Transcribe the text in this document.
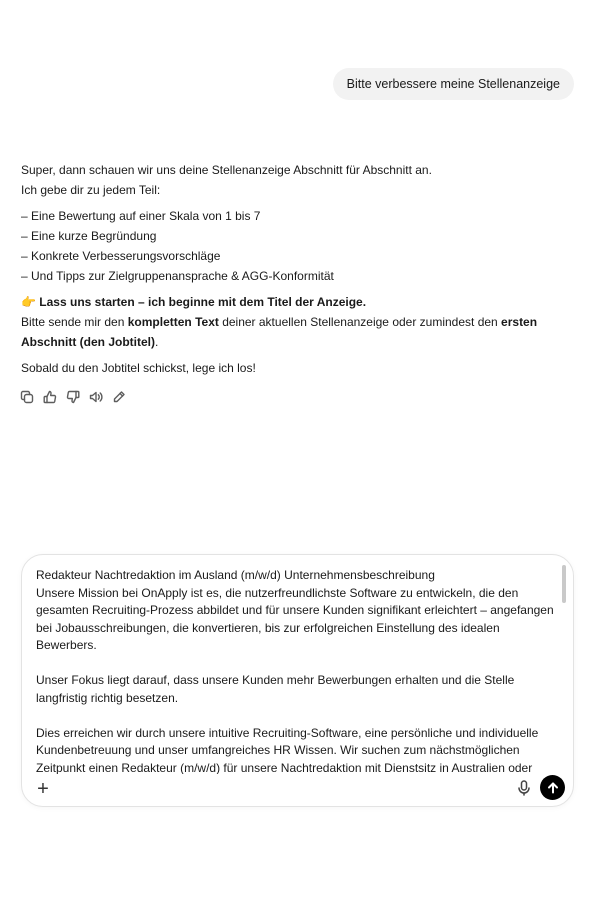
Bitte verbessere meine Stellenanzeige

Super, dann schauen wir uns deine Stellenanzeige Abschnitt für Abschnitt an.

Ich gebe dir zu jedem Teil:

– Eine Bewertung auf einer Skala von 1 bis 7
– Eine kurze Begründung
– Konkrete Verbesserungsvorschläge
– Und Tipps zur Zielgruppenansprache & AGG-Konformität

👉 Lass uns starten – ich beginne mit dem Titel der Anzeige.

Bitte sende mir den kompletten Text deiner aktuellen Stellenanzeige oder zumindest den ersten Abschnitt (den Jobtitel).

Sobald du den Jobtitel schickst, lege ich los!

Redakteur Nachtredaktion im Ausland (m/w/d) Unternehmensbeschreibung
Unsere Mission bei OnApply ist es, die nutzerfreundlichste Software zu entwickeln, die den gesamten Recruiting-Prozess abbildet und für unsere Kunden signifikant erleichtert – angefangen bei Jobausschreibungen, die konvertieren, bis zur erfolgreichen Einstellung des idealen Bewerbers.

Unser Fokus liegt darauf, dass unsere Kunden mehr Bewerbungen erhalten und die Stelle langfristig richtig besetzen.

Dies erreichen wir durch unsere intuitive Recruiting-Software, eine persönliche und individuelle Kundenbetreuung und unser umfangreiches HR Wissen. Wir suchen zum nächstmöglichen Zeitpunkt einen Redakteur (m/w/d) für unsere Nachtredaktion mit Dienstsitz in Australien oder
+
